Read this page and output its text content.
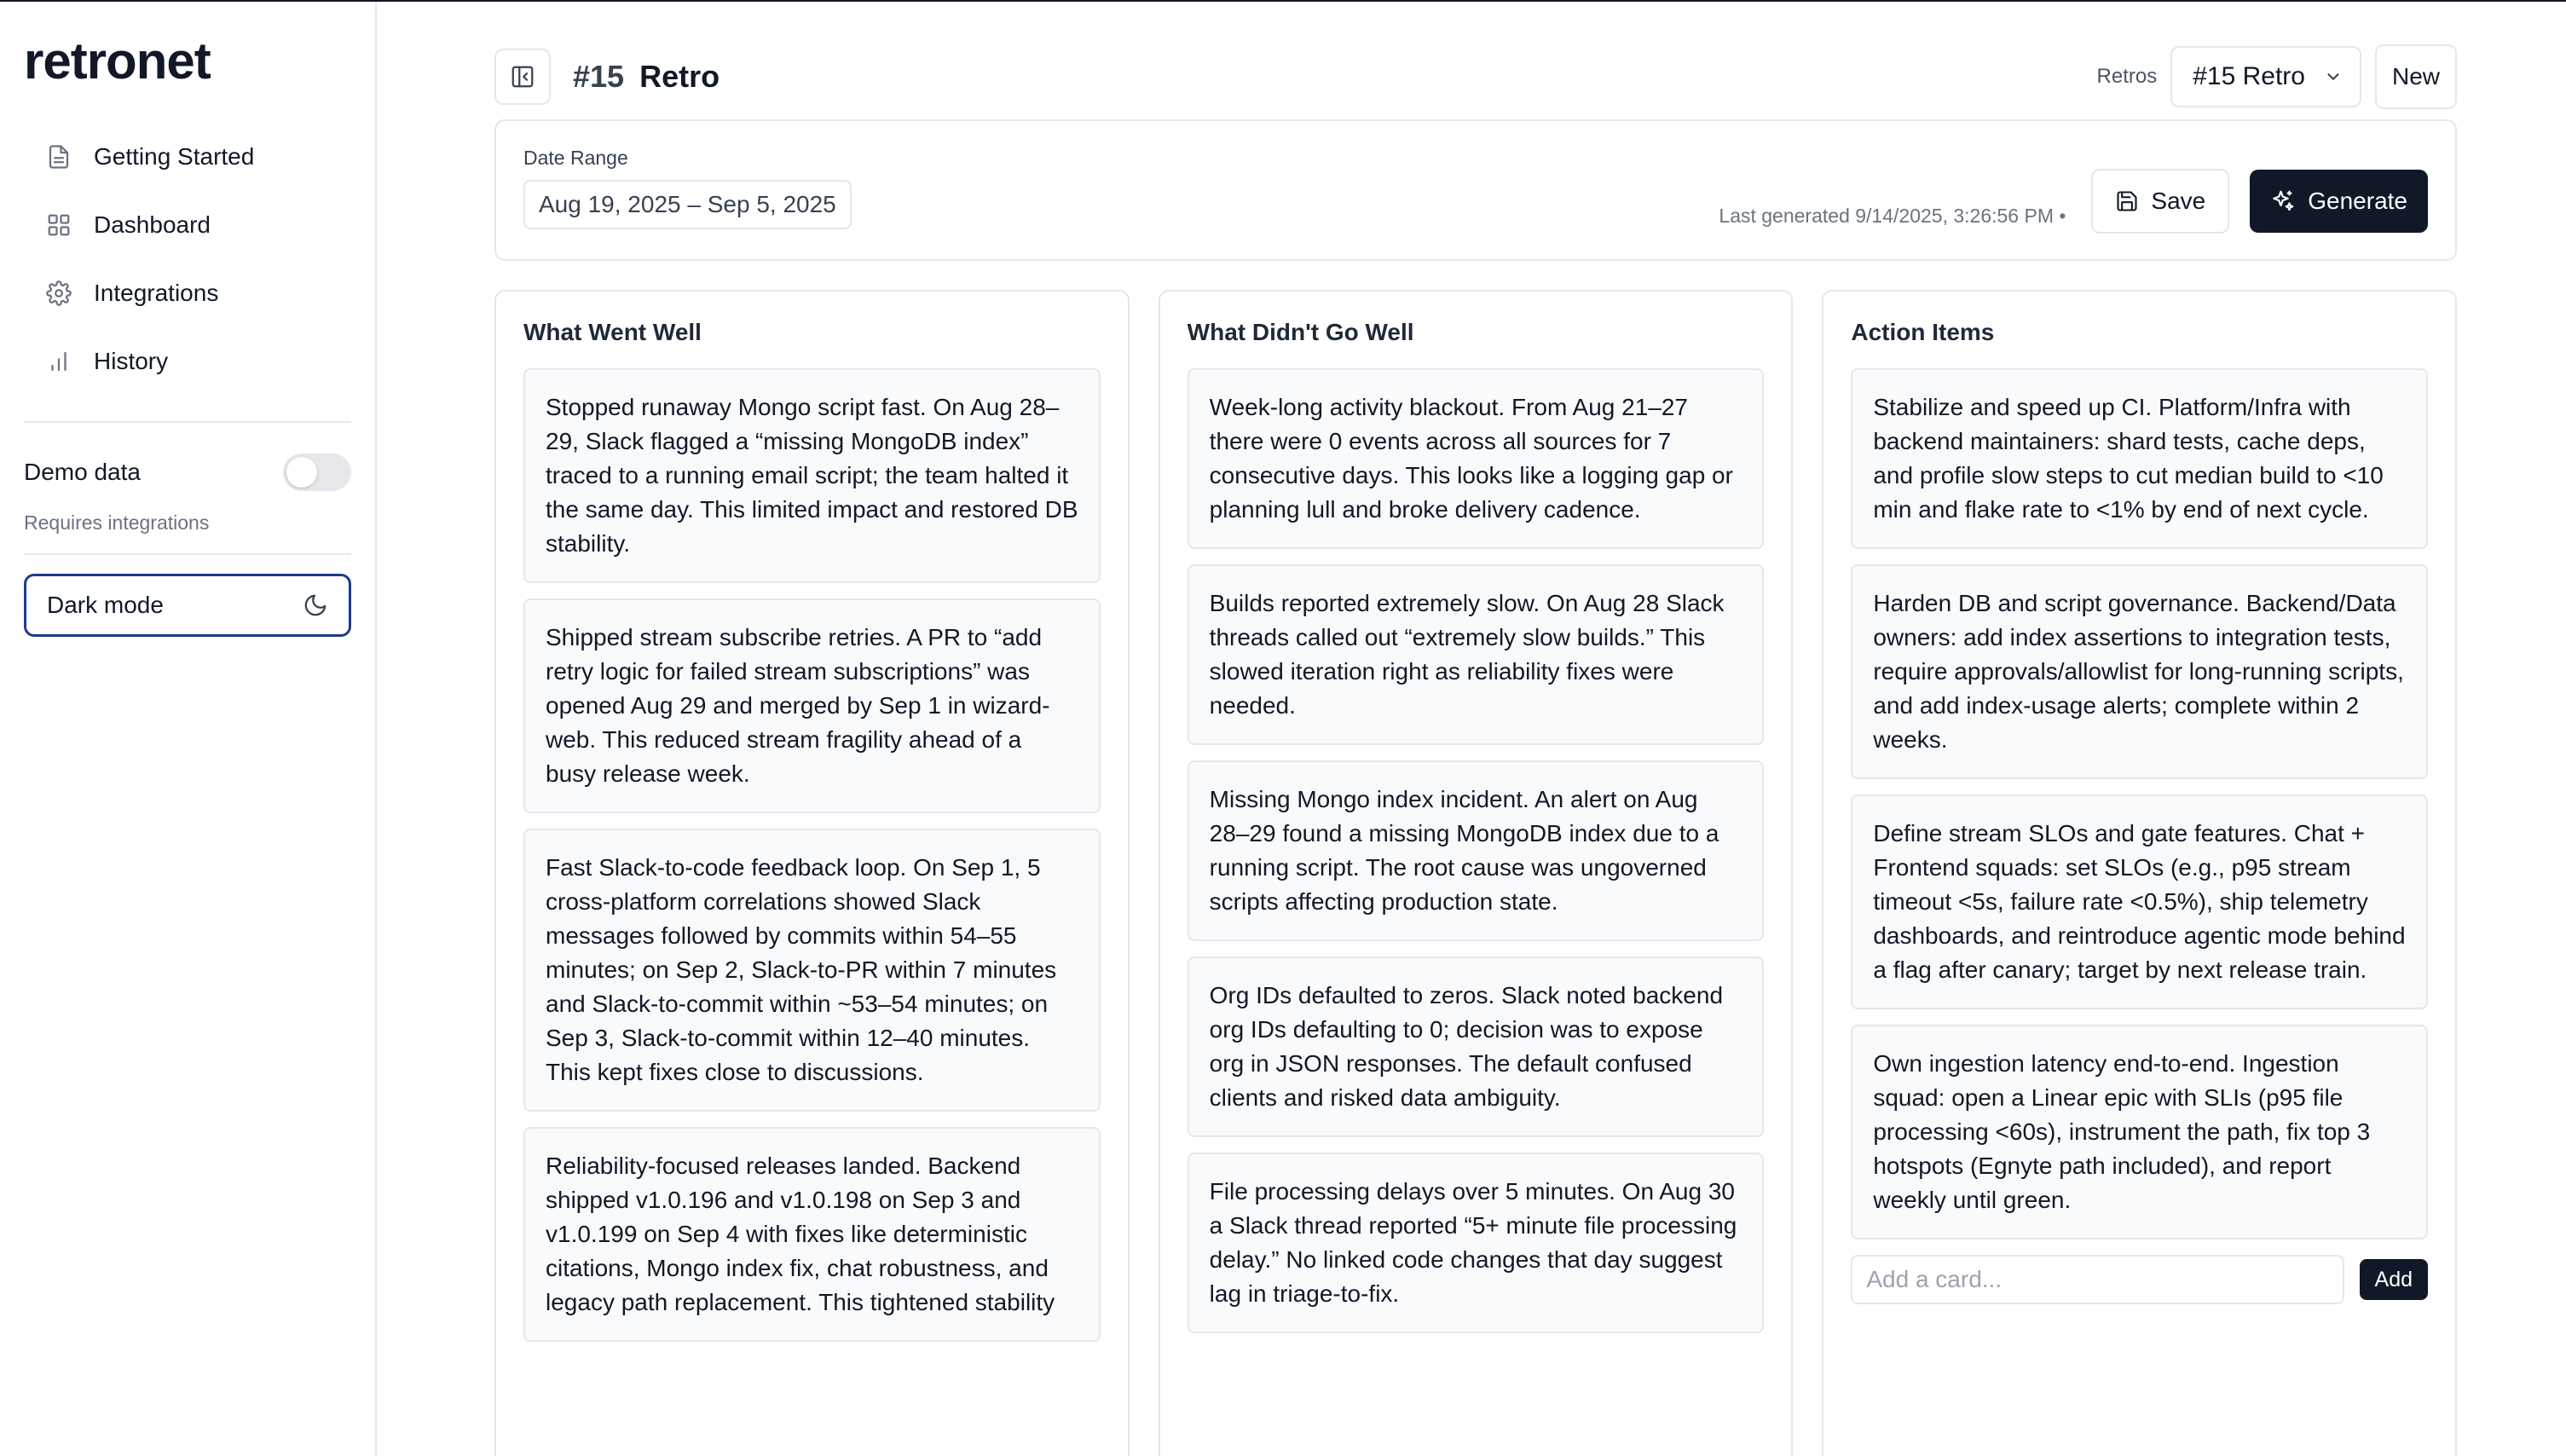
retronet
Getting Started
Dashboard
Integrations
History
Demo data
Requires integrations
Dark mode
#15 Retro	Retros #15 Retro	New
Date Range
Aug 19, 2025 – Sep 5, 2025	Last generated 9/14/2025, 3:26:56 PM •
Save	Generate
What Went Well
Stopped runaway Mongo script fast. On Aug 28–29, Slack flagged a “missing MongoDB index” traced to a running email script; the team halted it the same day. This limited impact and restored DB stability.
Shipped stream subscribe retries. A PR to “add retry logic for failed stream subscriptions” was opened Aug 29 and merged by Sep 1 in wizard-web. This reduced stream fragility ahead of a busy release week.
Fast Slack-to-code feedback loop. On Sep 1, 5 cross-platform correlations showed Slack messages followed by commits within 54–55 minutes; on Sep 2, Slack-to-PR within 7 minutes and Slack-to-commit within ~53–54 minutes; on Sep 3, Slack-to-commit within 12–40 minutes. This kept fixes close to discussions.
Reliability-focused releases landed. Backend shipped v1.0.196 and v1.0.198 on Sep 3 and v1.0.199 on Sep 4 with fixes like deterministic citations, Mongo index fix, chat robustness, and legacy path replacement. This tightened stability
What Didn't Go Well
Week-long activity blackout. From Aug 21–27 there were 0 events across all sources for 7 consecutive days. This looks like a logging gap or planning lull and broke delivery cadence.
Builds reported extremely slow. On Aug 28 Slack threads called out “extremely slow builds.” This slowed iteration right as reliability fixes were needed.
Missing Mongo index incident. An alert on Aug 28–29 found a missing MongoDB index due to a running script. The root cause was ungoverned scripts affecting production state.
Org IDs defaulted to zeros. Slack noted backend org IDs defaulting to 0; decision was to expose org in JSON responses. The default confused clients and risked data ambiguity.
File processing delays over 5 minutes. On Aug 30 a Slack thread reported “5+ minute file processing delay.” No linked code changes that day suggest lag in triage-to-fix.
Action Items
Stabilize and speed up CI. Platform/Infra with backend maintainers: shard tests, cache deps, and profile slow steps to cut median build to <10 min and flake rate to <1% by end of next cycle.
Harden DB and script governance. Backend/Data owners: add index assertions to integration tests, require approvals/allowlist for long-running scripts, and add index-usage alerts; complete within 2 weeks.
Define stream SLOs and gate features. Chat + Frontend squads: set SLOs (e.g., p95 stream timeout <5s, failure rate <0.5%), ship telemetry dashboards, and reintroduce agentic mode behind a flag after canary; target by next release train.
Own ingestion latency end-to-end. Ingestion squad: open a Linear epic with SLIs (p95 file processing <60s), instrument the path, fix top 3 hotspots (Egnyte path included), and report weekly until green.
Add a card...
Add
